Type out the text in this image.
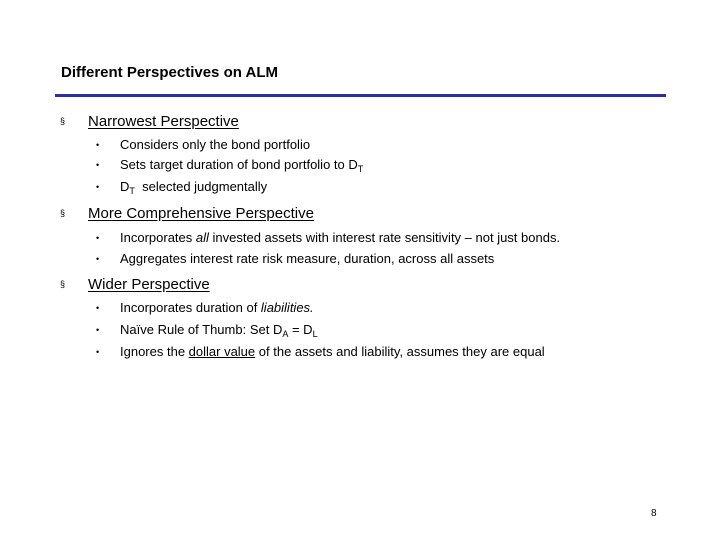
Different Perspectives on ALM
§ Narrowest Perspective
• Considers only the bond portfolio
• Sets target duration of bond portfolio to $D_T$
• $D_T$ selected judgmentally
§ More Comprehensive Perspective
• Incorporates all invested assets with interest rate sensitivity – not just bonds.
• Aggregates interest rate risk measure, duration, across all assets
§ Wider Perspective
• Incorporates duration of liabilities.
• Naïve Rule of Thumb: Set $D_A = D_L$
• Ignores the dollar value of the assets and liability, assumes they are equal
8
